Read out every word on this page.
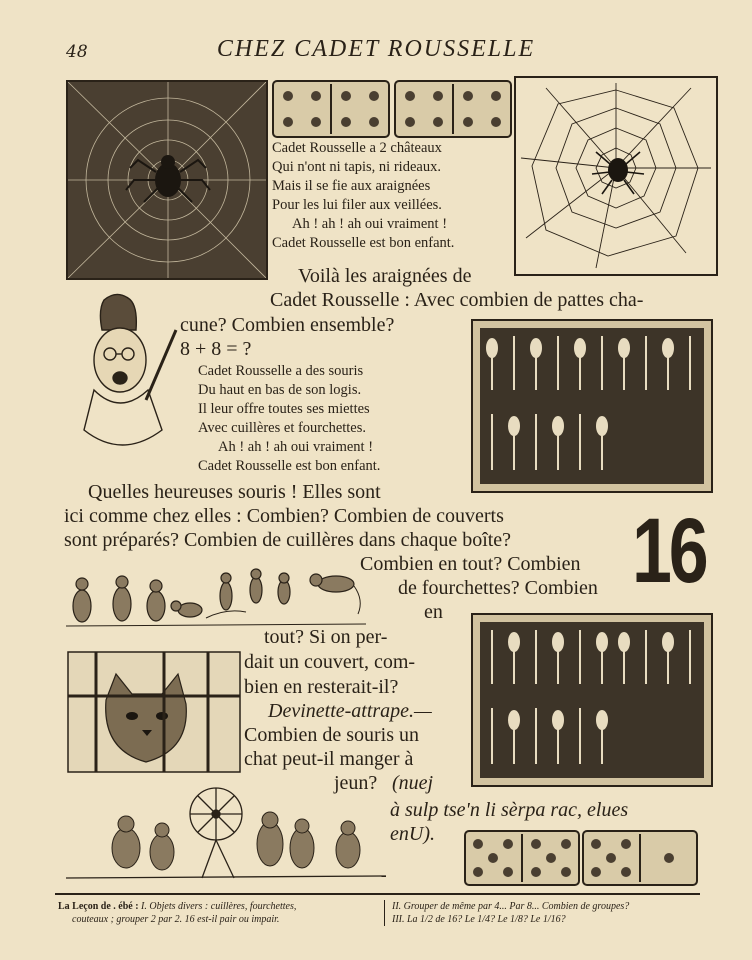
48	CHEZ CADET ROUSSELLE
Cadet Rousselle a 2 châteaux
Qui n'ont ni tapis, ni rideaux.
Mais il se fie aux araignées
Pour les lui filer aux veillées.
Ah ! ah ! ah oui vraiment !
Cadet Rousselle est bon enfant.
Voilà les araignées de
Cadet Rousselle : Avec combien de pattes cha-
cune? Combien ensemble?
8 + 8 = ?
Cadet Rousselle a des souris
Du haut en bas de son logis.
Il leur offre toutes ses miettes
Avec cuillères et fourchettes.
Ah ! ah ! ah oui vraiment !
Cadet Rousselle est bon enfant.
Quelles heureuses souris ! Elles sont
ici comme chez elles : Combien? Combien de couverts
sont préparés? Combien de cuillères dans chaque boîte?
Combien en tout? Combien
de fourchettes? Combien
en
tout? Si on per-
dait un couvert, com-
bien en resterait-il?
16
Devinette-attrape.—
Combien de souris un
chat peut-il manger à
jeun? (nuej
à sulp tse'n li sèrpa rac, elues
enU).
La Leçon de . ébé : I. Objets divers : cuillères, fourchettes,
couteaux ; grouper 2 par 2. 16 est-il pair ou impair.
II. Grouper de même par 4... Par 8... Combien de groupes?
III. La 1/2 de 16? Le 1/4? Le 1/8? Le 1/16?
